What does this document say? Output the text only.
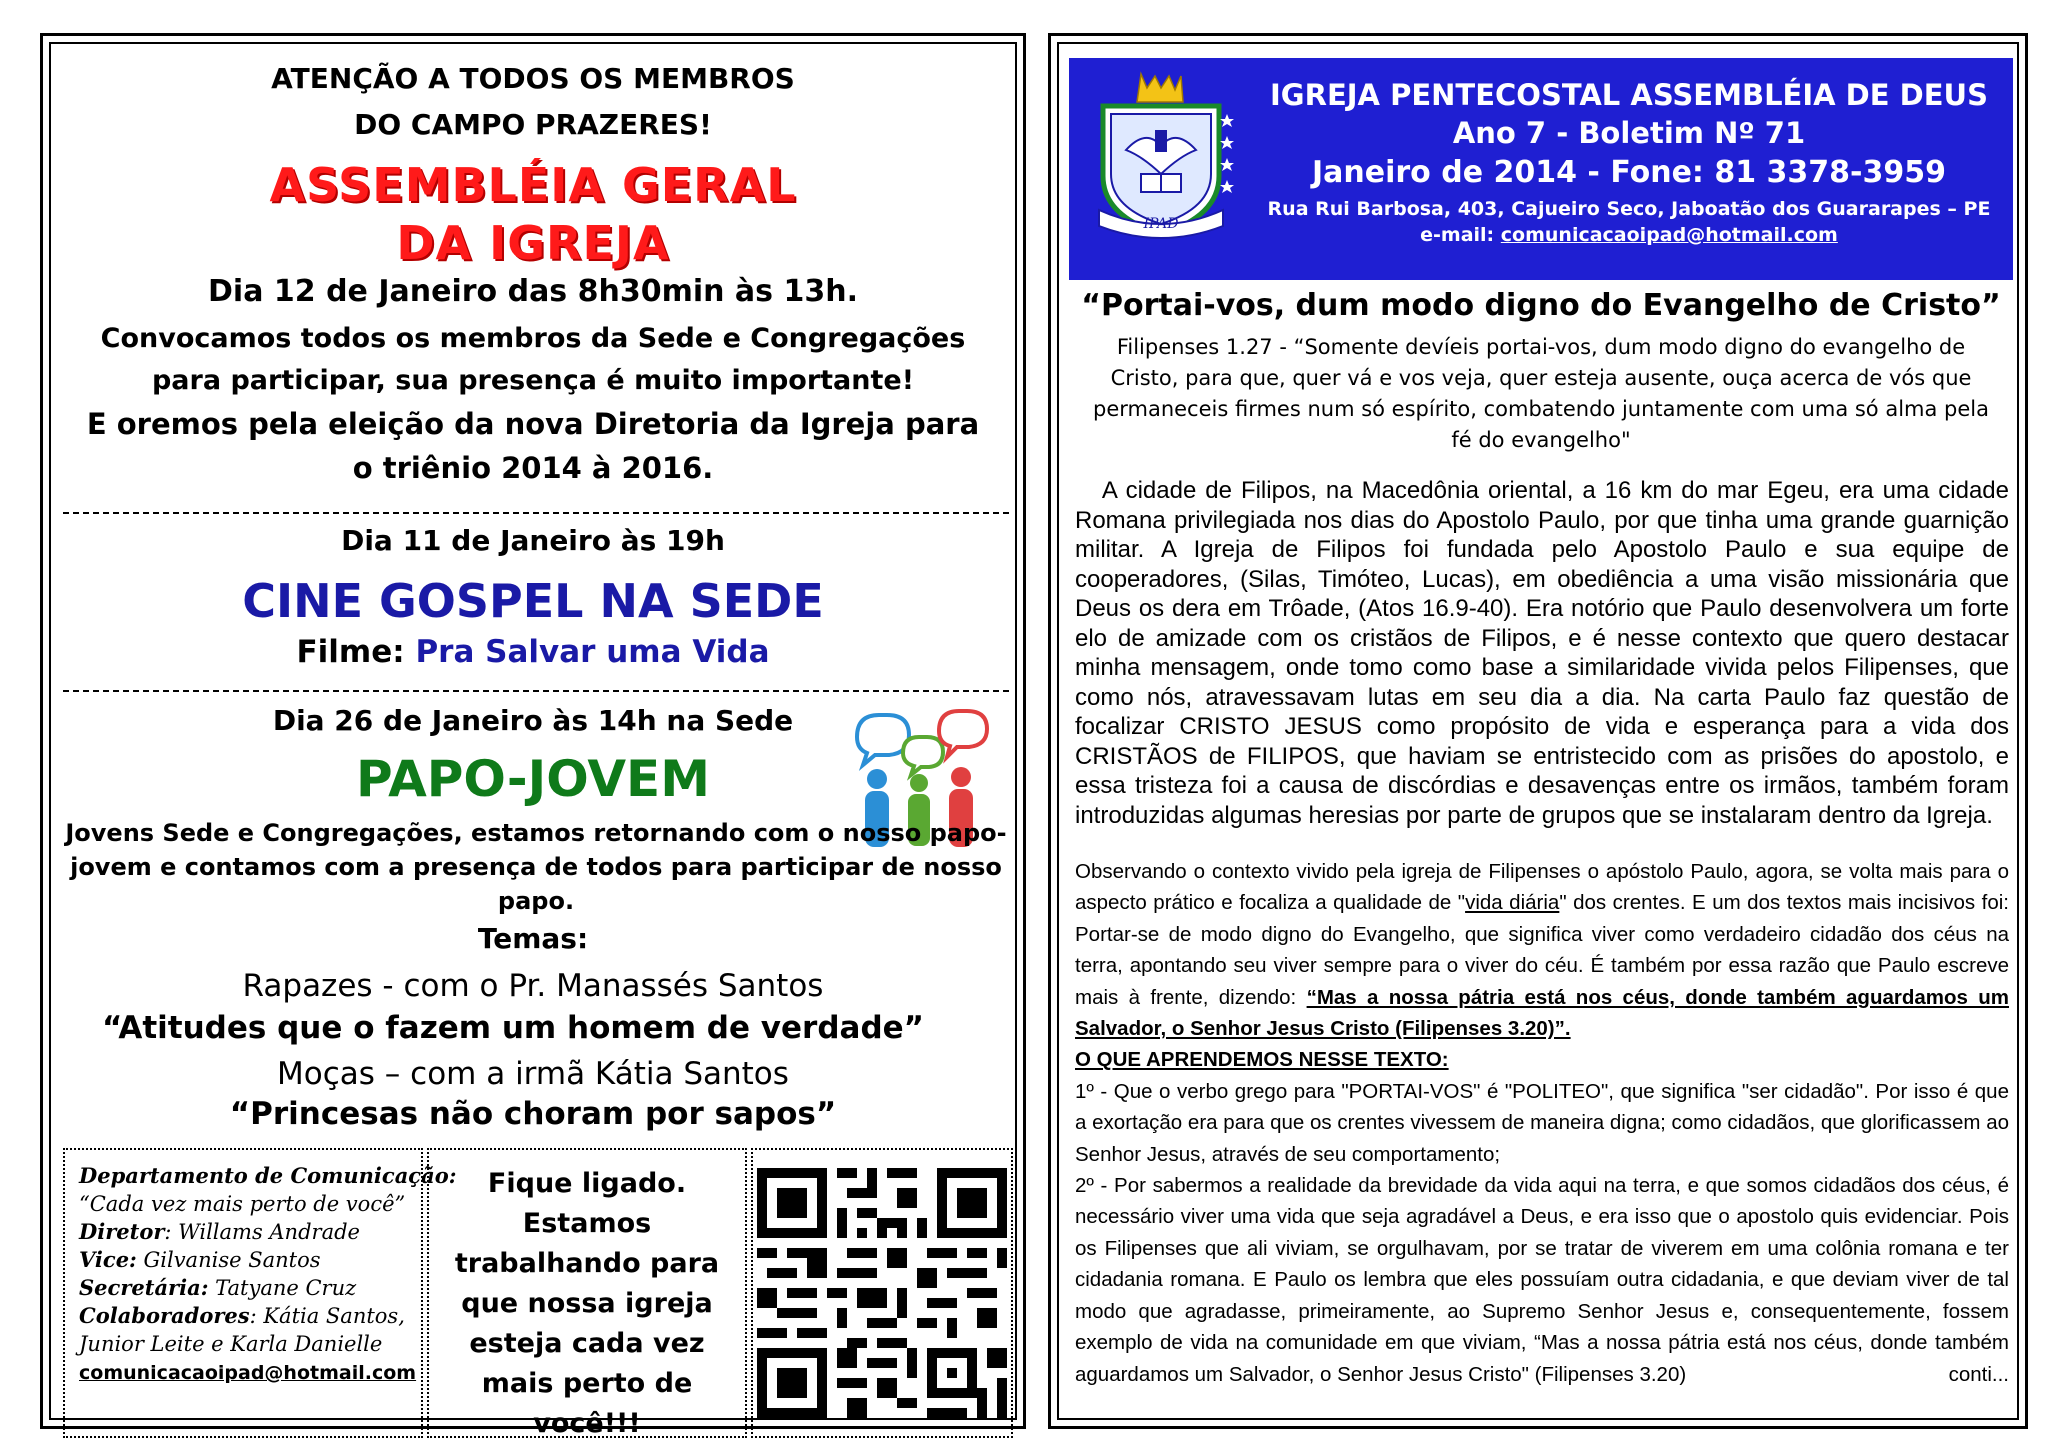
ATENÇÃO A TODOS OS MEMBROS
DO CAMPO PRAZERES!
ASSEMBLÉIA GERAL
DA IGREJA
Dia 12 de Janeiro das 8h30min às 13h.
Convocamos todos os membros da Sede e Congregações para participar, sua presença é muito importante!
E oremos pela eleição da nova Diretoria da Igreja para o triênio 2014 à 2016.
Dia 11 de Janeiro às 19h
CINE GOSPEL NA SEDE
Filme: Pra Salvar uma Vida
Dia 26 de Janeiro às 14h na Sede
PAPO-JOVEM
Jovens Sede e Congregações, estamos retornando com o nosso papo-jovem e contamos com a presença de todos para participar de nosso papo.
Temas:
Rapazes - com o Pr. Manassés Santos
“Atitudes que o fazem um homem de verdade”
Moças – com a irmã Kátia Santos
“Princesas não choram por sapos”
Departamento de Comunicação:
“Cada vez mais perto de você”
Diretor: Willams Andrade
Vice: Gilvanise Santos
Secretária: Tatyane Cruz
Colaboradores: Kátia Santos,
Junior Leite e Karla Danielle
comunicacaoipad@hotmail.com
Fique ligado. Estamos trabalhando para que nossa igreja esteja cada vez mais perto de você!!!
IPAD
IGREJA PENTECOSTAL ASSEMBLÉIA DE DEUS
Ano 7 - Boletim Nº 71
Janeiro de 2014 - Fone: 81 3378-3959
Rua Rui Barbosa, 403, Cajueiro Seco, Jaboatão dos Guararapes – PE
e-mail: comunicacaoipad@hotmail.com
“Portai-vos, dum modo digno do Evangelho de Cristo”
Filipenses 1.27 - “Somente devíeis portai-vos, dum modo digno do evangelho de Cristo, para que, quer vá e vos veja, quer esteja ausente, ouça acerca de vós que permaneceis firmes num só espírito, combatendo juntamente com uma só alma pela fé do evangelho"
A cidade de Filipos, na Macedônia oriental, a 16 km do mar Egeu, era uma cidade Romana privilegiada nos dias do Apostolo Paulo, por que tinha uma grande guarnição militar. A Igreja de Filipos foi fundada pelo Apostolo Paulo e sua equipe de cooperadores, (Silas, Timóteo, Lucas), em obediência a uma visão missionária que Deus os dera em Trôade, (Atos 16.9-40). Era notório que Paulo desenvolvera um forte elo de amizade com os cristãos de Filipos, e é nesse contexto que quero destacar minha mensagem, onde tomo como base a similaridade vivida pelos Filipenses, que como nós, atravessavam lutas em seu dia a dia. Na carta Paulo faz questão de focalizar CRISTO JESUS como propósito de vida e esperança para a vida dos CRISTÃOS de FILIPOS, que haviam se entristecido com as prisões do apostolo, e essa tristeza foi a causa de discórdias e desavenças entre os irmãos, também foram introduzidas algumas heresias por parte de grupos que se instalaram dentro da Igreja.
Observando o contexto vivido pela igreja de Filipenses o apóstolo Paulo, agora, se volta mais para o aspecto prático e focaliza a qualidade de "vida diária" dos crentes. E um dos textos mais incisivos foi: Portar-se de modo digno do Evangelho, que significa viver como verdadeiro cidadão dos céus na terra, apontando seu viver sempre para o viver do céu. É também por essa razão que Paulo escreve mais à frente, dizendo: “Mas a nossa pátria está nos céus, donde também aguardamos um Salvador, o Senhor Jesus Cristo (Filipenses 3.20)”.
O QUE APRENDEMOS NESSE TEXTO:
1º - Que o verbo grego para "PORTAI-VOS" é "POLITEO", que significa "ser cidadão". Por isso é que a exortação era para que os crentes vivessem de maneira digna; como cidadãos, que glorificassem ao Senhor Jesus, através de seu comportamento;
2º - Por sabermos a realidade da brevidade da vida aqui na terra, e que somos cidadãos dos céus, é necessário viver uma vida que seja agradável a Deus, e era isso que o apostolo quis evidenciar. Pois os Filipenses que ali viviam, se orgulhavam, por se tratar de viverem em uma colônia romana e ter cidadania romana. E Paulo os lembra que eles possuíam outra cidadania, e que deviam viver de tal modo que agradasse, primeiramente, ao Supremo Senhor Jesus e, consequentemente, fossem exemplo de vida na comunidade em que viviam, “Mas a nossa pátria está nos céus, donde também aguardamos um Salvador, o Senhor Jesus Cristo" (Filipenses 3.20)	conti...
